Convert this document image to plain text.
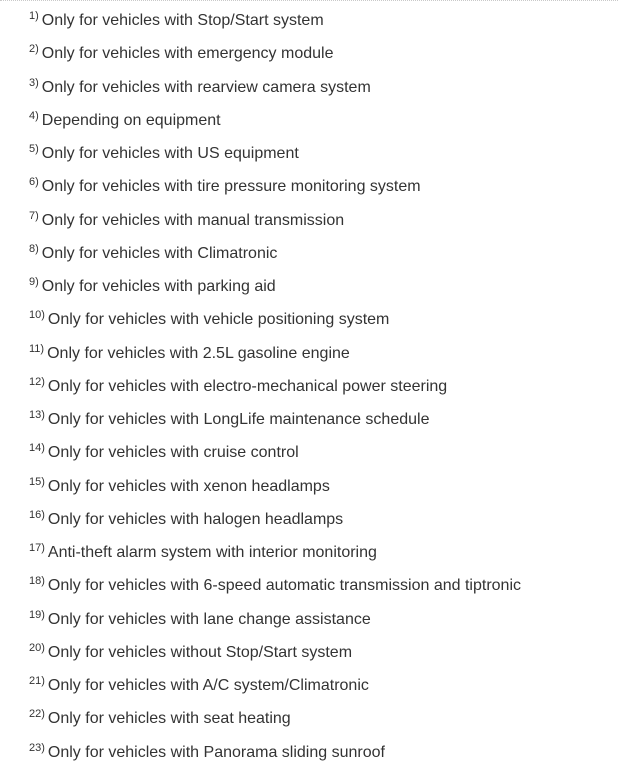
$^{1)}$ Only for vehicles with Stop/Start system
$^{2)}$ Only for vehicles with emergency module
$^{3)}$ Only for vehicles with rearview camera system
$^{4)}$ Depending on equipment
$^{5)}$ Only for vehicles with US equipment
$^{6)}$ Only for vehicles with tire pressure monitoring system
$^{7)}$ Only for vehicles with manual transmission
$^{8)}$ Only for vehicles with Climatronic
$^{9)}$ Only for vehicles with parking aid
$^{10)}$ Only for vehicles with vehicle positioning system
$^{11)}$ Only for vehicles with 2.5L gasoline engine
$^{12)}$ Only for vehicles with electro-mechanical power steering
$^{13)}$ Only for vehicles with LongLife maintenance schedule
$^{14)}$ Only for vehicles with cruise control
$^{15)}$ Only for vehicles with xenon headlamps
$^{16)}$ Only for vehicles with halogen headlamps
$^{17)}$ Anti-theft alarm system with interior monitoring
$^{18)}$ Only for vehicles with 6-speed automatic transmission and tiptronic
$^{19)}$ Only for vehicles with lane change assistance
$^{20)}$ Only for vehicles without Stop/Start system
$^{21)}$ Only for vehicles with A/C system/Climatronic
$^{22)}$ Only for vehicles with seat heating
$^{23)}$ Only for vehicles with Panorama sliding sunroof
